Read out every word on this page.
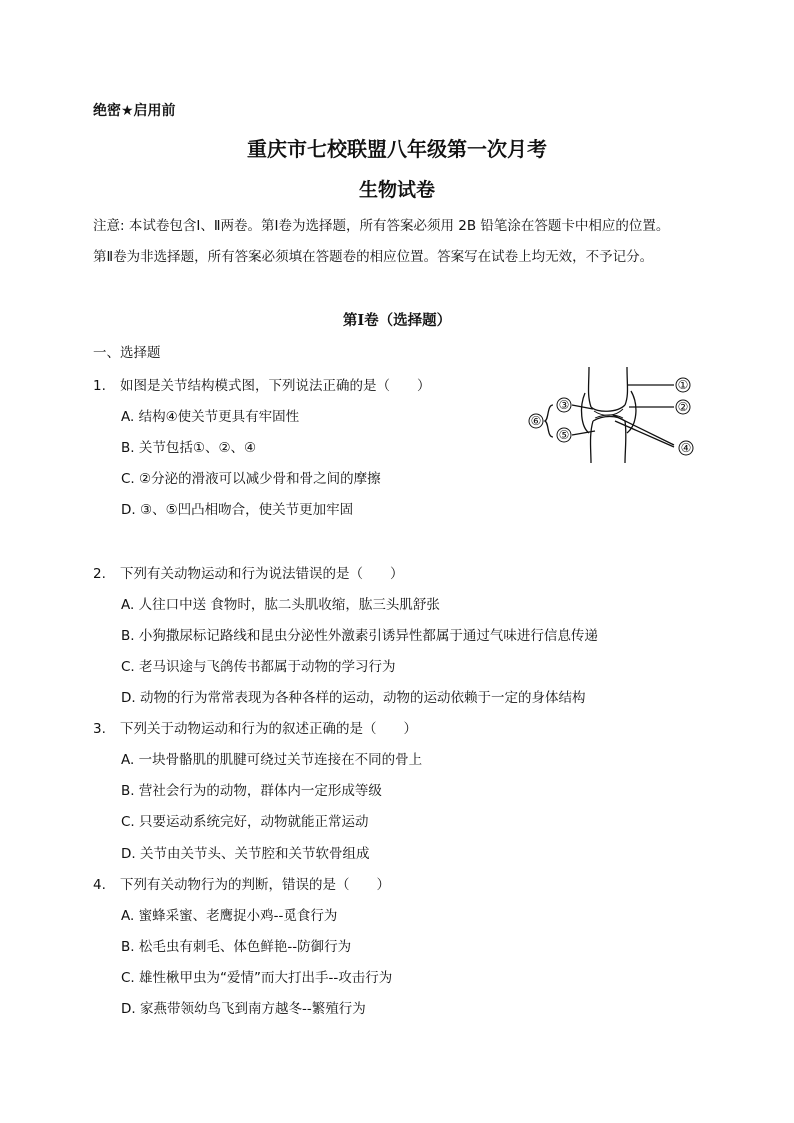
绝密★启用前
重庆市七校联盟八年级第一次月考
生物试卷
注意: 本试卷包含Ⅰ、Ⅱ两卷。第Ⅰ卷为选择题，所有答案必须用 2B 铅笔涂在答题卡中相应的位置。
第Ⅱ卷为非选择题，所有答案必须填在答题卷的相应位置。答案写在试卷上均无效，不予记分。
第Ⅰ卷（选择题）
一、选择题
1. 如图是关节结构模式图，下列说法正确的是（　　）
A. 结构④使关节更具有牢固性
B. 关节包括①、②、④
C. ②分泌的滑液可以减少骨和骨之间的摩擦
D. ③、⑤凹凸相吻合，使关节更加牢固
①
②
③
④
⑤
⑥
2. 下列有关动物运动和行为说法错误的是（　　）
A. 人往口中送 食物时，肱二头肌收缩，肱三头肌舒张
B. 小狗撒尿标记路线和昆虫分泌性外激素引诱异性都属于通过气味进行信息传递
C. 老马识途与飞鸽传书都属于动物的学习行为
D. 动物的行为常常表现为各种各样的运动，动物的运动依赖于一定的身体结构
3. 下列关于动物运动和行为的叙述正确的是（　　）
A. 一块骨骼肌的肌腱可绕过关节连接在不同的骨上
B. 营社会行为的动物，群体内一定形成等级
C. 只要运动系统完好，动物就能正常运动
D. 关节由关节头、关节腔和关节软骨组成
4. 下列有关动物行为的判断，错误的是（　　）
A. 蜜蜂采蜜、老鹰捉小鸡--觅食行为
B. 松毛虫有刺毛、体色鲜艳--防御行为
C. 雄性楸甲虫为“爱情”而大打出手--攻击行为
D. 家燕带领幼鸟飞到南方越冬--繁殖行为
